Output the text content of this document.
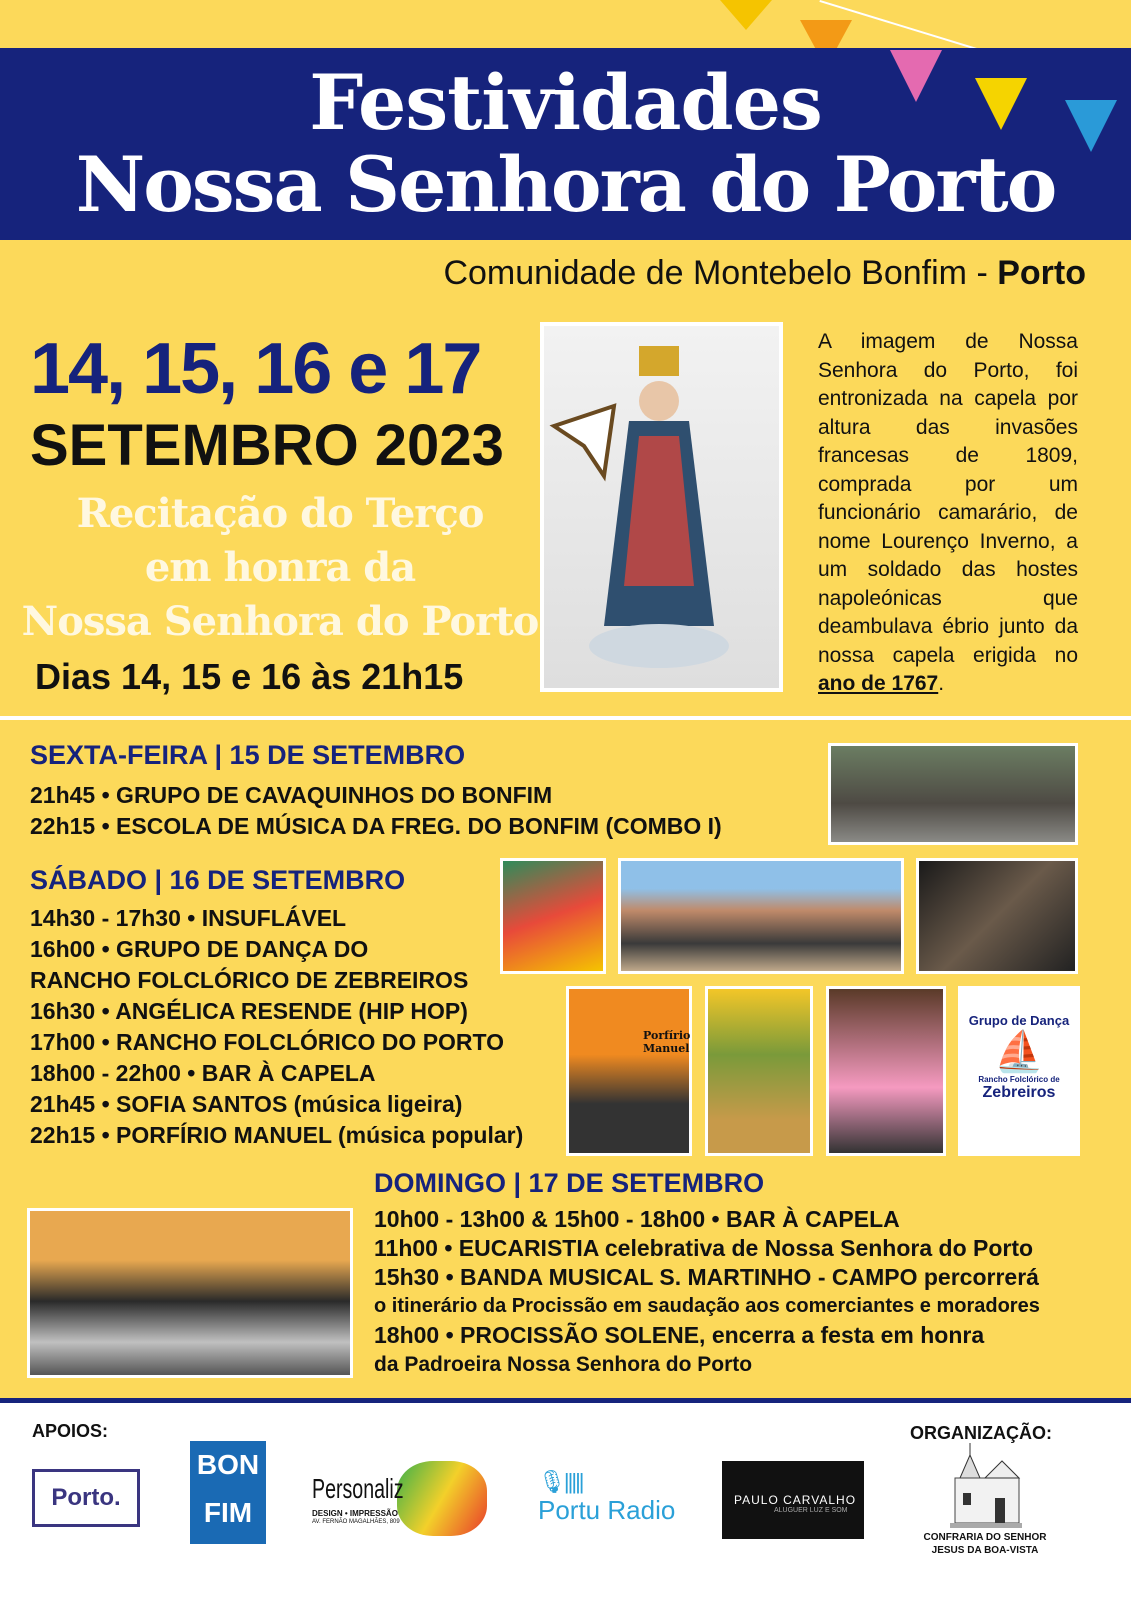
Festividades
Nossa Senhora do Porto
Comunidade de Montebelo Bonfim - Porto
14, 15, 16 e 17
SETEMBRO 2023
Recitação do Terço
em honra da
Nossa Senhora do Porto
Dias 14, 15 e 16 às 21h15
A imagem de Nossa Senhora do Porto, foi entronizada na capela por altura das invasões francesas de 1809, comprada por um funcionário camarário, de nome Lourenço Inverno, a um soldado das hostes napoleónicas que deambulava ébrio junto da nossa capela erigida no ano de 1767.
SEXTA-FEIRA | 15 DE SETEMBRO
21h45 • GRUPO DE CAVAQUINHOS DO BONFIM
22h15 • ESCOLA DE MÚSICA DA FREG. DO BONFIM (COMBO I)
SÁBADO | 16 DE SETEMBRO
14h30 - 17h30 • INSUFLÁVEL
16h00 • GRUPO DE DANÇA DO
RANCHO FOLCLÓRICO DE ZEBREIROS
16h30 • ANGÉLICA RESENDE (HIP HOP)
17h00 • RANCHO FOLCLÓRICO DO PORTO
18h00 - 22h00 • BAR À CAPELA
21h45 • SOFIA SANTOS (música ligeira)
22h15 • PORFÍRIO MANUEL (música popular)
Porfírio Manuel
Grupo de Dança
⛵
Rancho Folclórico de
Zebreiros
DOMINGO | 17 DE SETEMBRO
10h00 - 13h00 & 15h00 - 18h00 • BAR À CAPELA
11h00 • EUCARISTIA celebrativa de Nossa Senhora do Porto
15h30 • BANDA MUSICAL S. MARTINHO - CAMPO percorrerá
o itinerário da Procissão em saudação aos comerciantes e moradores
18h00 • PROCISSÃO SOLENE, encerra a festa em honra
da Padroeira Nossa Senhora do Porto
APOIOS:	ORGANIZAÇÃO:
Porto.
BON
FIM
Personaliz
DESIGN • IMPRESSÃO
AV. FERNÃO MAGALHÃES, 809
🎙|||||
Portu Radio	PAULO CARVALHO
ALUGUER LUZ E SOM
CONFRARIA DO SENHOR
JESUS DA BOA-VISTA
